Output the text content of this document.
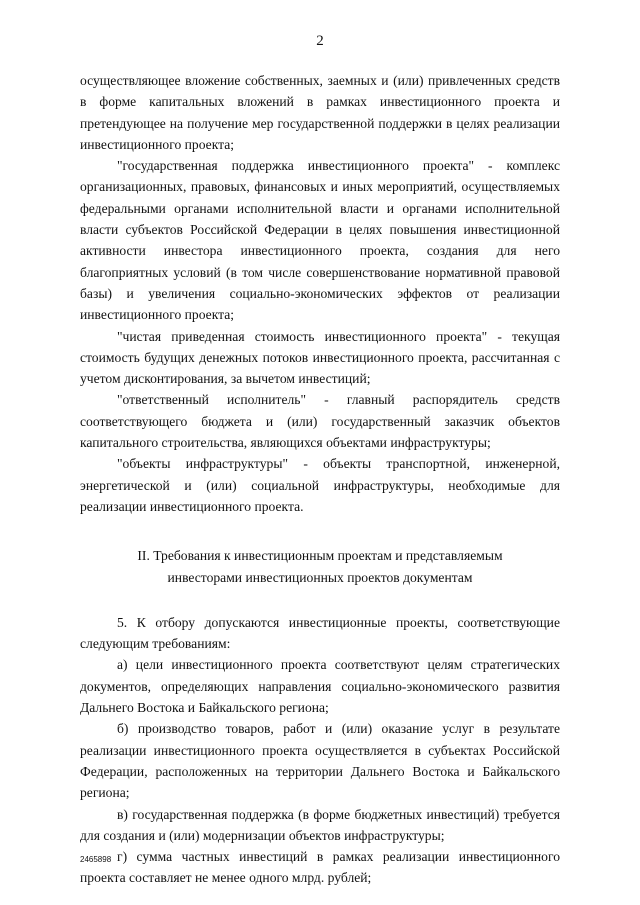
2

осуществляющее вложение собственных, заемных и (или) привлеченных средств в форме капитальных вложений в рамках инвестиционного проекта и претендующее на получение мер государственной поддержки в целях реализации инвестиционного проекта;

"государственная поддержка инвестиционного проекта" - комплекс организационных, правовых, финансовых и иных мероприятий, осуществляемых федеральными органами исполнительной власти и органами исполнительной власти субъектов Российской Федерации в целях повышения инвестиционной активности инвестора инвестиционного проекта, создания для него благоприятных условий (в том числе совершенствование нормативной правовой базы) и увеличения социально-экономических эффектов от реализации инвестиционного проекта;

"чистая приведенная стоимость инвестиционного проекта" - текущая стоимость будущих денежных потоков инвестиционного проекта, рассчитанная с учетом дисконтирования, за вычетом инвестиций;

"ответственный исполнитель" - главный распорядитель средств соответствующего бюджета и (или) государственный заказчик объектов капитального строительства, являющихся объектами инфраструктуры;

"объекты инфраструктуры" - объекты транспортной, инженерной, энергетической и (или) социальной инфраструктуры, необходимые для реализации инвестиционного проекта.

II. Требования к инвестиционным проектам и представляемым
инвесторами инвестиционных проектов документам

5. К отбору допускаются инвестиционные проекты, соответствующие следующим требованиям:

а) цели инвестиционного проекта соответствуют целям стратегических документов, определяющих направления социально-экономического развития Дальнего Востока и Байкальского региона;

б) производство товаров, работ и (или) оказание услуг в результате реализации инвестиционного проекта осуществляется в субъектах Российской Федерации, расположенных на территории Дальнего Востока и Байкальского региона;

в) государственная поддержка (в форме бюджетных инвестиций) требуется для создания и (или) модернизации объектов инфраструктуры;

г) сумма частных инвестиций в рамках реализации инвестиционного проекта составляет не менее одного млрд. рублей;

2465898
